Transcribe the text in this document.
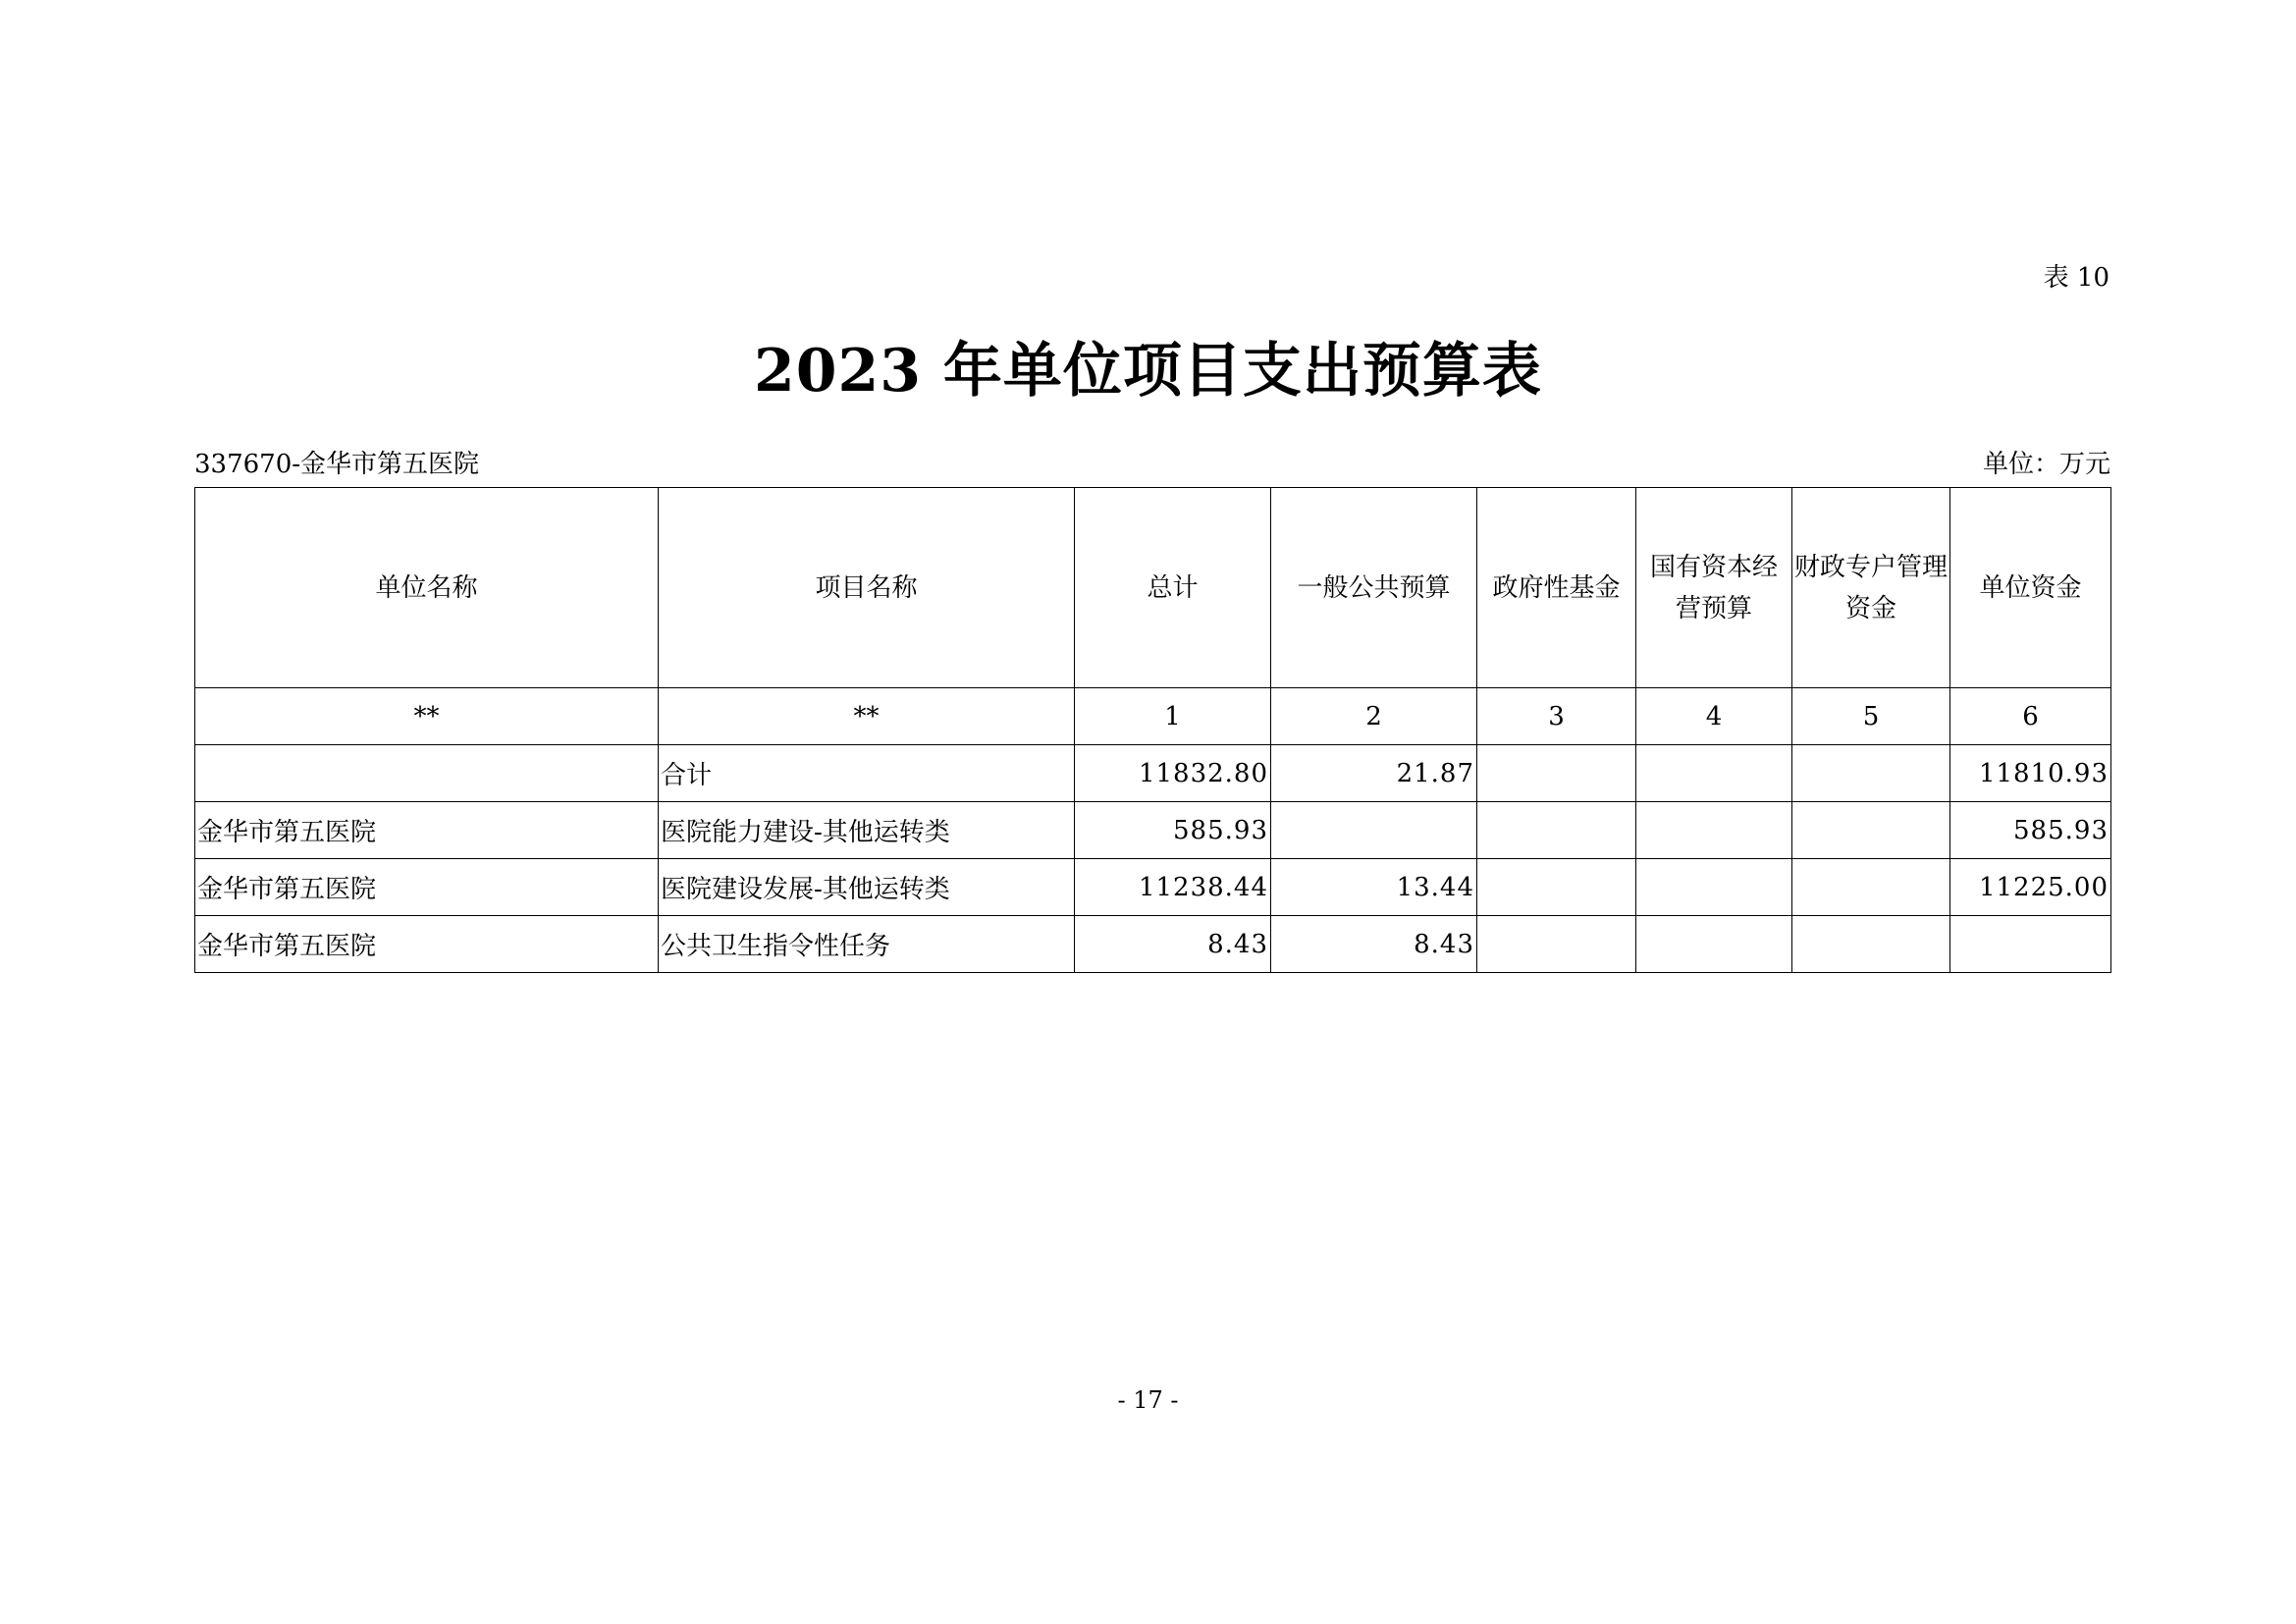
表 10
2023 年单位项目支出预算表
337670-金华市第五医院	单位：万元
单位名称	项目名称	总计	一般公共预算	政府性基金	国有资本经营预算	财政专户管理资金	单位资金
**	**	1	2	3	4	5	6
	合计	11832.80	21.87				11810.93
金华市第五医院	医院能力建设-其他运转类	585.93					585.93
金华市第五医院	医院建设发展-其他运转类	11238.44	13.44				11225.00
金华市第五医院	公共卫生指令性任务	8.43	8.43				
- 17 -
